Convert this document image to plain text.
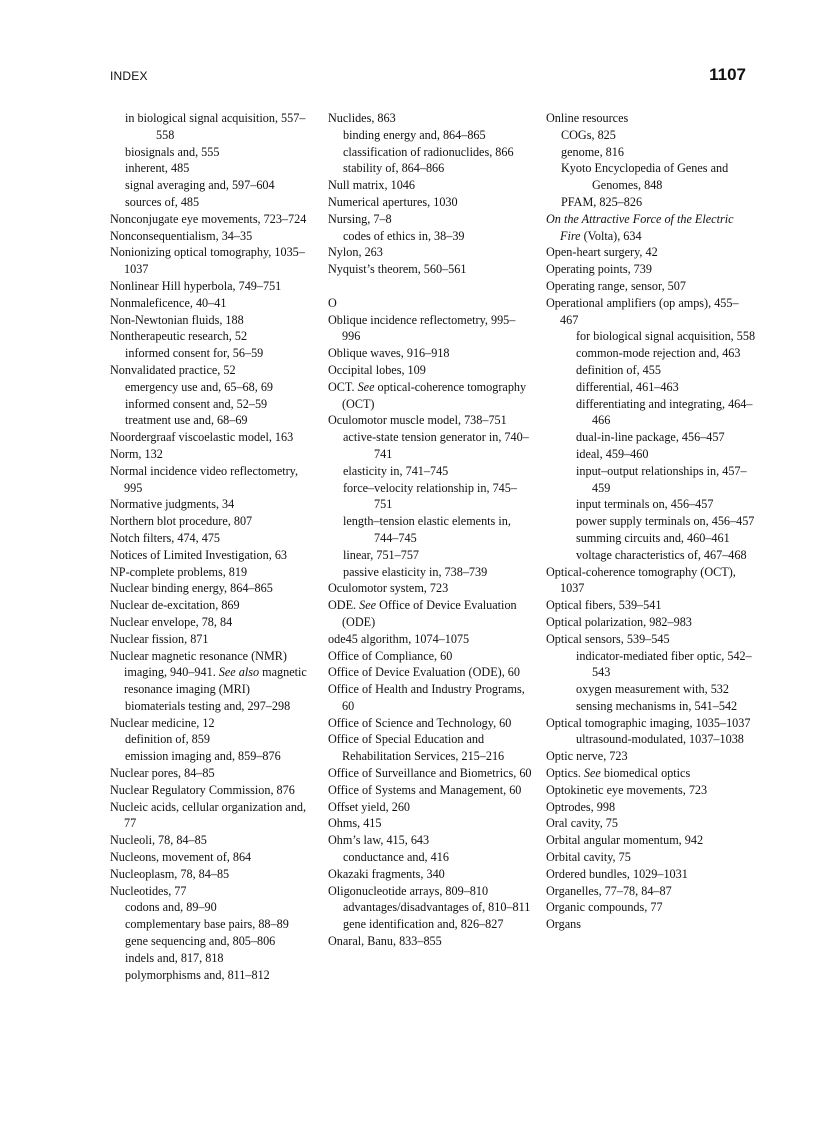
INDEX	1107

in biological signal acquisition, 557–558

biosignals and, 555

inherent, 485

signal averaging and, 597–604

sources of, 485

Nonconjugate eye movements, 723–724

Nonconsequentialism, 34–35

Nonionizing optical tomography, 1035–1037

Nonlinear Hill hyperbola, 749–751

Nonmaleficence, 40–41

Non-Newtonian fluids, 188

Nontherapeutic research, 52

informed consent for, 56–59

Nonvalidated practice, 52

emergency use and, 65–68, 69

informed consent and, 52–59

treatment use and, 68–69

Noordergraaf viscoelastic model, 163

Norm, 132

Normal incidence video reflectometry, 995

Normative judgments, 34

Northern blot procedure, 807

Notch filters, 474, 475

Notices of Limited Investigation, 63

NP-complete problems, 819

Nuclear binding energy, 864–865

Nuclear de-excitation, 869

Nuclear envelope, 78, 84

Nuclear fission, 871

Nuclear magnetic resonance (NMR) imaging, 940–941. See also magnetic resonance imaging (MRI)

biomaterials testing and, 297–298

Nuclear medicine, 12

definition of, 859

emission imaging and, 859–876

Nuclear pores, 84–85

Nuclear Regulatory Commission, 876

Nucleic acids, cellular organization and, 77

Nucleoli, 78, 84–85

Nucleons, movement of, 864

Nucleoplasm, 78, 84–85

Nucleotides, 77

codons and, 89–90

complementary base pairs, 88–89

gene sequencing and, 805–806

indels and, 817, 818

polymorphisms and, 811–812

Nuclides, 863

binding energy and, 864–865

classification of radionuclides, 866

stability of, 864–866

Null matrix, 1046

Numerical apertures, 1030

Nursing, 7–8

codes of ethics in, 38–39

Nylon, 263

Nyquist’s theorem, 560–561

O

Oblique incidence reflectometry, 995–996

Oblique waves, 916–918

Occipital lobes, 109

OCT. See optical-coherence tomography (OCT)

Oculomotor muscle model, 738–751

active-state tension generator in, 740–741

elasticity in, 741–745

force–velocity relationship in, 745–751

length–tension elastic elements in, 744–745

linear, 751–757

passive elasticity in, 738–739

Oculomotor system, 723

ODE. See Office of Device Evaluation (ODE)

ode45 algorithm, 1074–1075

Office of Compliance, 60

Office of Device Evaluation (ODE), 60

Office of Health and Industry Programs, 60

Office of Science and Technology, 60

Office of Special Education and Rehabilitation Services, 215–216

Office of Surveillance and Biometrics, 60

Office of Systems and Management, 60

Offset yield, 260

Ohms, 415

Ohm’s law, 415, 643

conductance and, 416

Okazaki fragments, 340

Oligonucleotide arrays, 809–810

advantages/disadvantages of, 810–811

gene identification and, 826–827

Onaral, Banu, 833–855

Online resources

COGs, 825

genome, 816

Kyoto Encyclopedia of Genes and Genomes, 848

PFAM, 825–826

On the Attractive Force of the Electric Fire (Volta), 634

Open-heart surgery, 42

Operating points, 739

Operating range, sensor, 507

Operational amplifiers (op amps), 455–467

for biological signal acquisition, 558

common-mode rejection and, 463

definition of, 455

differential, 461–463

differentiating and integrating, 464–466

dual-in-line package, 456–457

ideal, 459–460

input–output relationships in, 457–459

input terminals on, 456–457

power supply terminals on, 456–457

summing circuits and, 460–461

voltage characteristics of, 467–468

Optical-coherence tomography (OCT), 1037

Optical fibers, 539–541

Optical polarization, 982–983

Optical sensors, 539–545

indicator-mediated fiber optic, 542–543

oxygen measurement with, 532

sensing mechanisms in, 541–542

Optical tomographic imaging, 1035–1037

ultrasound-modulated, 1037–1038

Optic nerve, 723

Optics. See biomedical optics

Optokinetic eye movements, 723

Optrodes, 998

Oral cavity, 75

Orbital angular momentum, 942

Orbital cavity, 75

Ordered bundles, 1029–1031

Organelles, 77–78, 84–87

Organic compounds, 77

Organs
